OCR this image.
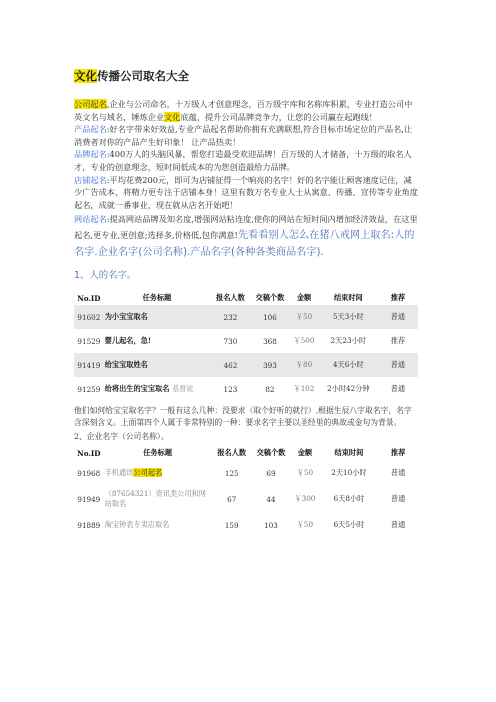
文化传播公司取名大全

公司起名,企业与公司命名，十万级人才创意理念，百万级字库和名称库积累，专业打造公司中英文名与域名，锤炼企业文化底蕴，提升公司品牌竞争力，让您的公司赢在起跑线！

产品起名:好名字带来好效益,专业产品起名帮助你拥有充满联想,符合目标市场定位的产品名,让消费者对你的产品产生好印象！ 让产品热卖！

品牌起名:400万人的头脑风暴，帮您打造最受欢迎品牌！百万级的人才储备，十万级的取名人才，专业的创意理念，短时间低成本的为您创造最给力品牌。

店铺起名:平均花费200元，即可为店铺征得一个响亮的名字！好的名字能让顾客速度记住，减少广告成本，将精力更专注于店铺本身！这里有数万名专业人士从寓意、传播、宣传等专业角度起名，成就一番事业，现在就从店名开始吧！

网站起名:提高网站品牌及知名度,增强网站粘连度,使你的网站在短时间内增加经济效益，在这里起名,更专业,更创意;选择多,价格低,包你满意!先看看别人怎么在猪八戒网上取名:人的名字.企业名字(公司名称).产品名字(各种各类商品名字).

1、人的名字。
No.ID	任务标题	报名人数	交稿个数	金额	结束时间	推荐
91602	为小宝宝取名	232	106	￥50	5天3小时	普通
91529	婴儿起名，急!	730	368	￥500	2天23小时	推荐
91419	给宝宝取姓名	462	393	￥80	4天6小时	普通
91259	给将出生的宝宝取名 基督徒	123	82	￥102	2小时42分钟	普通

他们如何给宝宝取名字？一般有这么几种：没要求（取个好听的就行）,根据生辰八字取名字，名字含深刻含义。上面第四个人属于非常特别的一种：要求名字主要以圣经里的典故或金句为背景。

2、企业名字（公司名称）。
No.ID	任务标题	报名人数	交稿个数	金额	结束时间	推荐
91968	手机通讯公司起名	125	69	￥50	2天10小时	普通
91949	（87654321）资讯类公司和网站取名	67	44	￥300	6天8小时	普通
91889	淘宝钟表专卖店取名	159	103	￥50	6天5小时	普通
